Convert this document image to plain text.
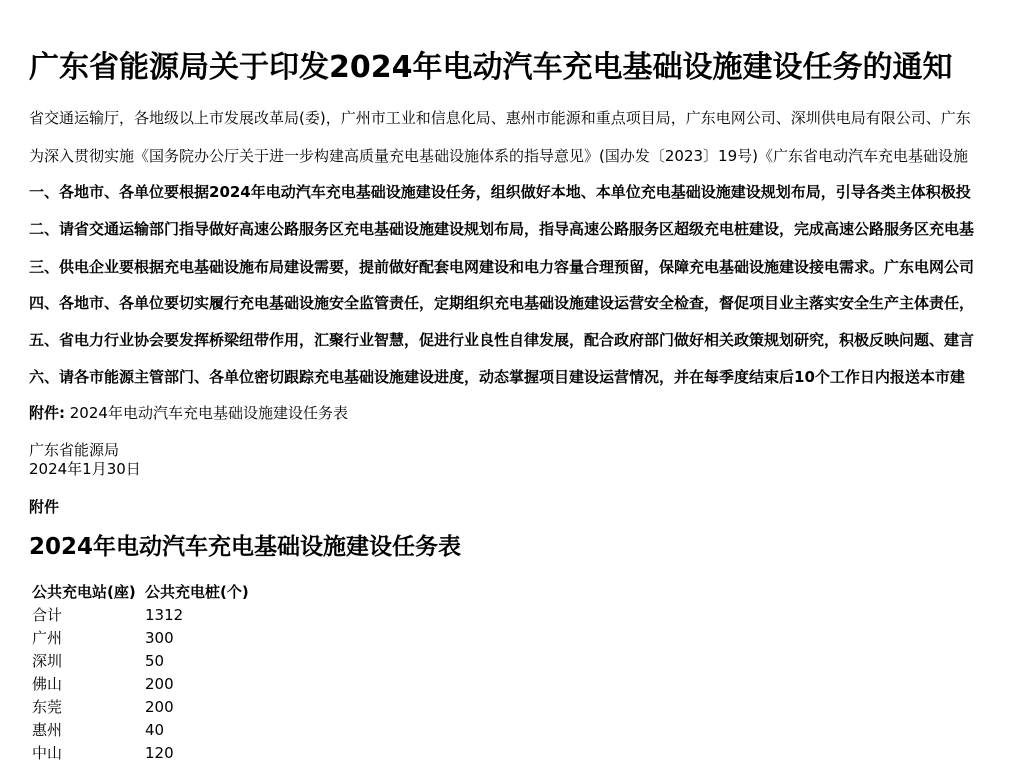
广东省能源局关于印发2024年电动汽车充电基础设施建设任务的通知

省交通运输厅，各地级以上市发展改革局(委)，广州市工业和信息化局、惠州市能源和重点项目局，广东电网公司、深圳供电局有限公司、广东

为深入贯彻实施《国务院办公厅关于进一步构建高质量充电基础设施体系的指导意见》(国办发〔2023〕19号)《广东省电动汽车充电基础设施

一、各地市、各单位要根据2024年电动汽车充电基础设施建设任务，组织做好本地、本单位充电基础设施建设规划布局，引导各类主体积极投

二、请省交通运输部门指导做好高速公路服务区充电基础设施建设规划布局，指导高速公路服务区超级充电桩建设，完成高速公路服务区充电基

三、供电企业要根据充电基础设施布局建设需要，提前做好配套电网建设和电力容量合理预留，保障充电基础设施建设接电需求。广东电网公司

四、各地市、各单位要切实履行充电基础设施安全监管责任，定期组织充电基础设施建设运营安全检查，督促项目业主落实安全生产主体责任，

五、省电力行业协会要发挥桥梁纽带作用，汇聚行业智慧，促进行业良性自律发展，配合政府部门做好相关政策规划研究，积极反映问题、建言

六、请各市能源主管部门、各单位密切跟踪充电基础设施建设进度，动态掌握项目建设运营情况，并在每季度结束后10个工作日内报送本市建

附件: 2024年电动汽车充电基础设施建设任务表

广东省能源局
2024年1月30日
附件
2024年电动汽车充电基础设施建设任务表
公共充电站(座)	公共充电桩(个)
合计	1312
广州	300
深圳	50
佛山	200
东莞	200
惠州	40
中山	120
